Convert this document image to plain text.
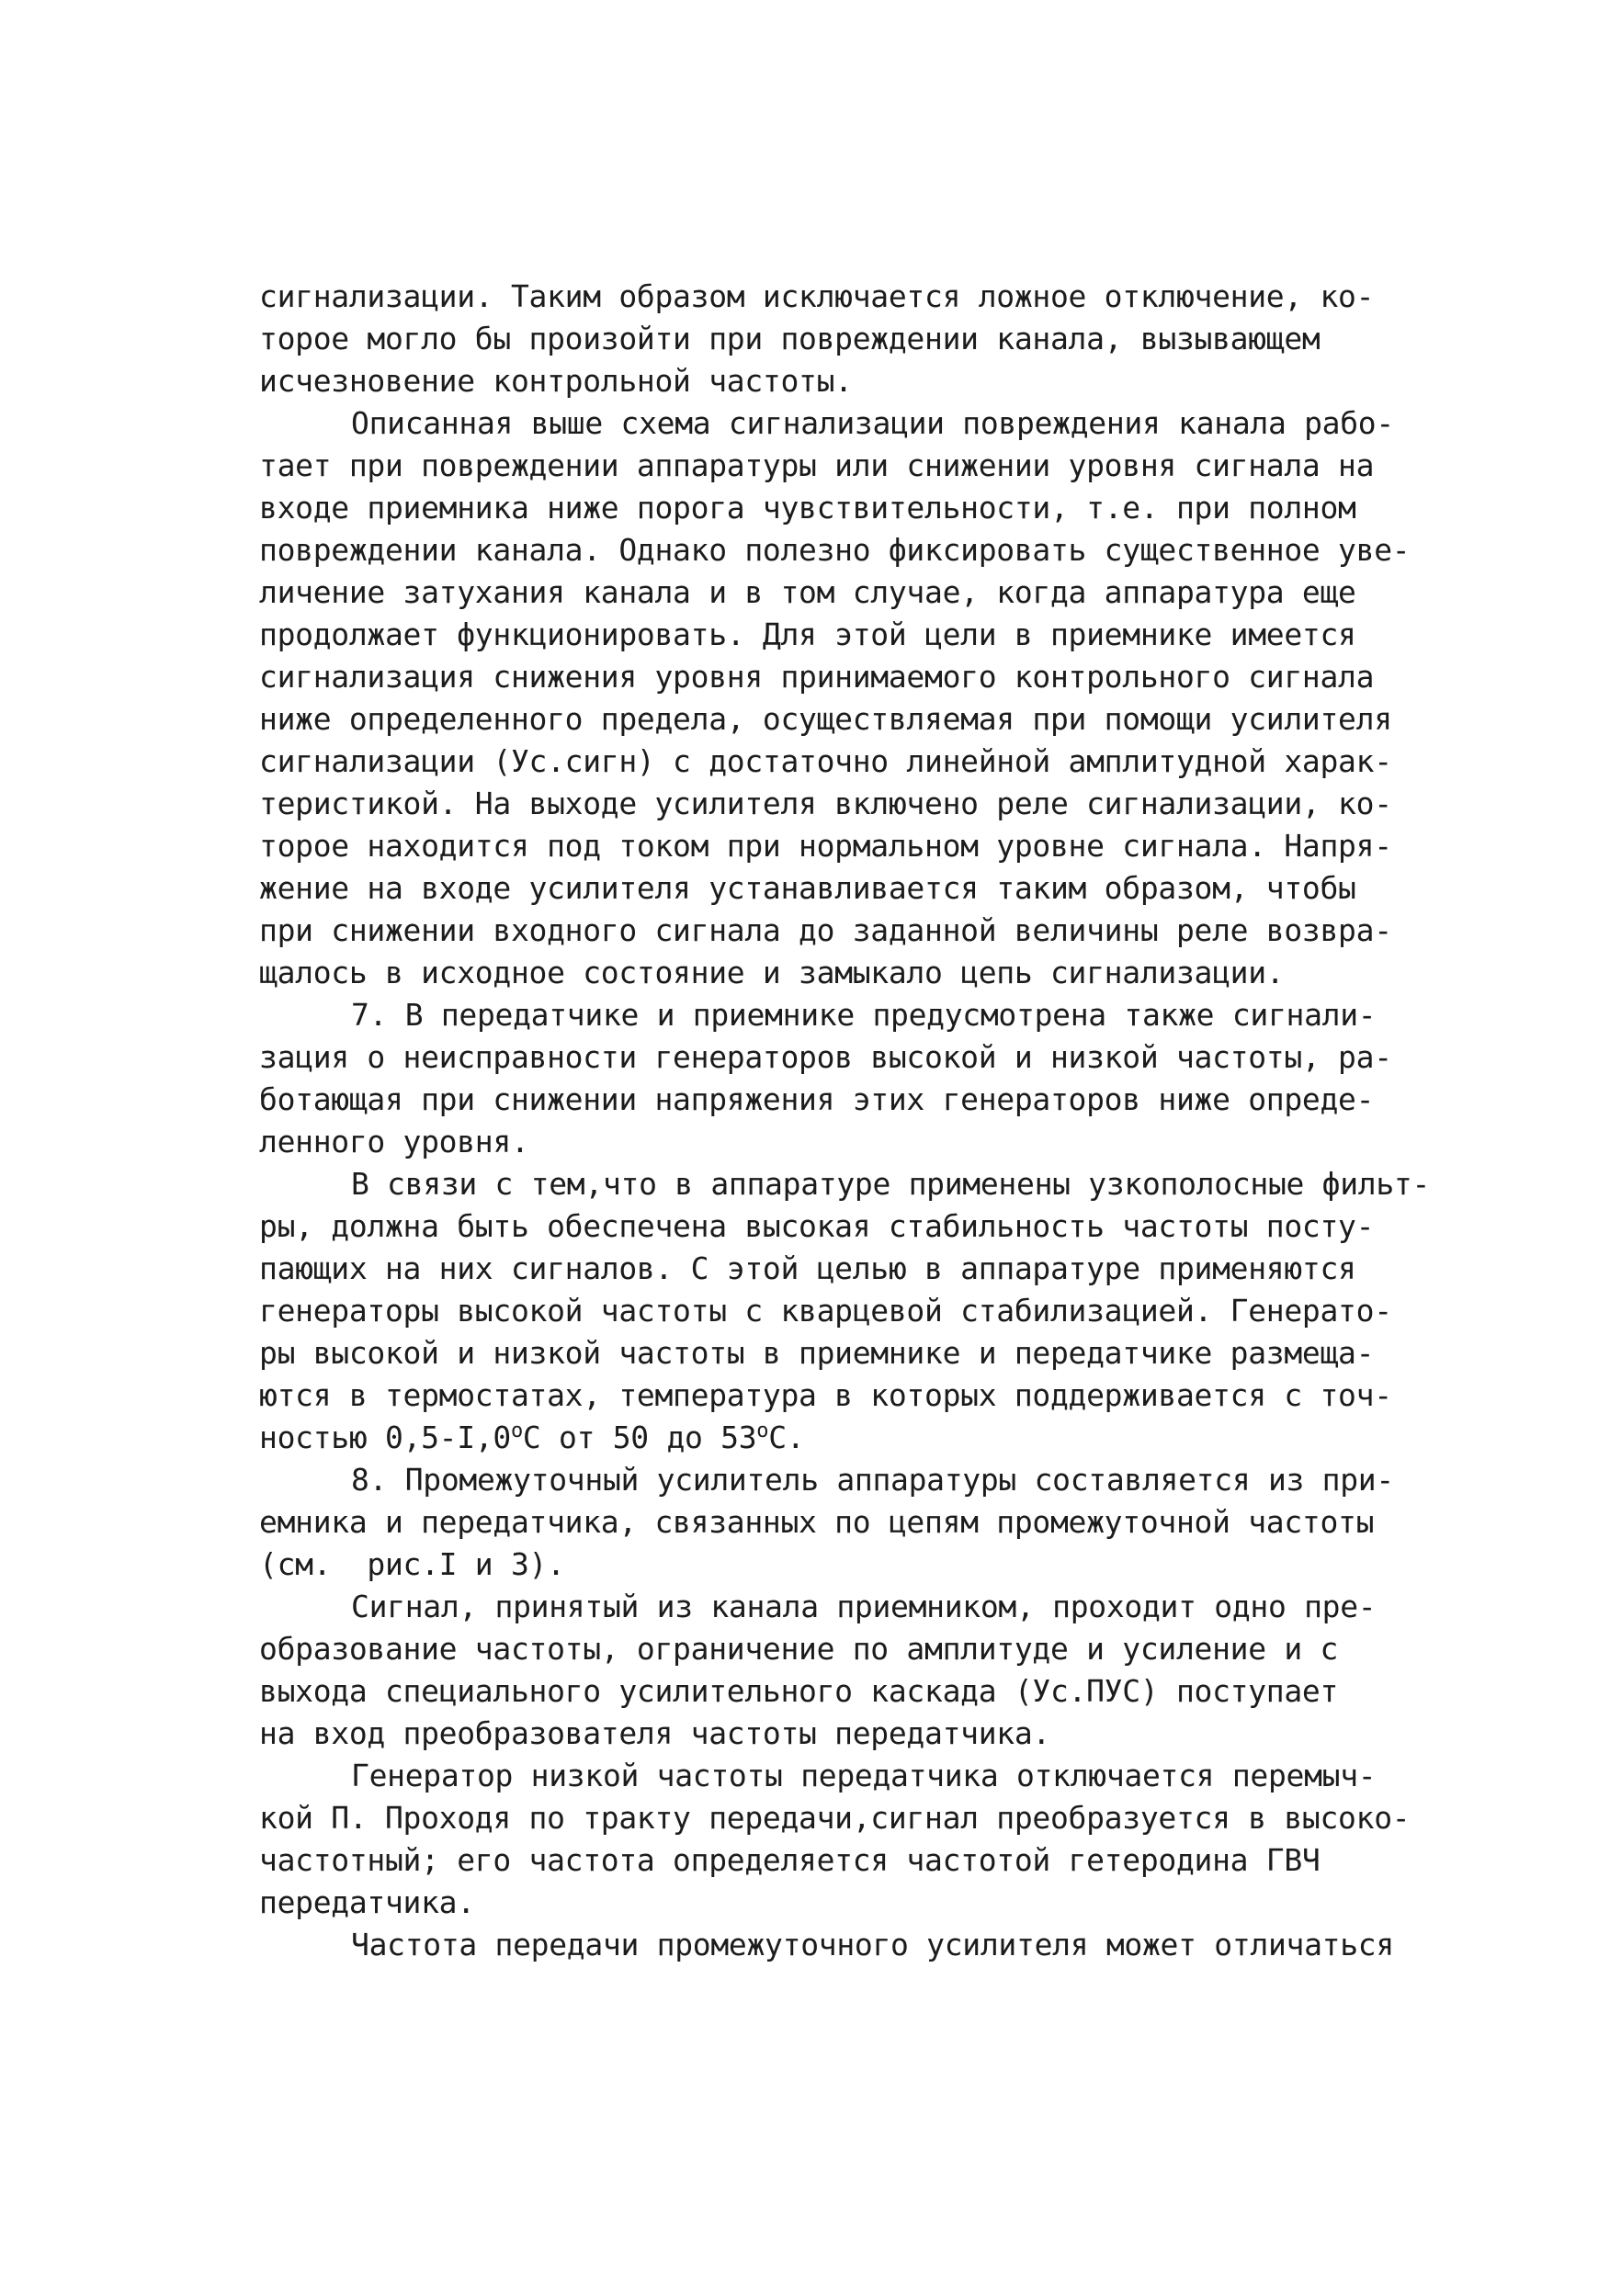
сигнализации. Таким образом исключается ложное отключение, ко-
торое могло бы произойти при повреждении канала, вызывающем
исчезновение контрольной частоты.
Описанная выше схема сигнализации повреждения канала рабо-
тает при повреждении аппаратуры или снижении уровня сигнала на
входе приемника ниже порога чувствительности, т.е. при полном
повреждении канала. Однако полезно фиксировать существенное уве-
личение затухания канала и в том случае, когда аппаратура еще
продолжает функционировать. Для этой цели в приемнике имеется
сигнализация снижения уровня принимаемого контрольного сигнала
ниже определенного предела, осуществляемая при помощи усилителя
сигнализации (Ус.сигн) с достаточно линейной амплитудной харак-
теристикой. На выходе усилителя включено реле сигнализации, ко-
торое находится под током при нормальном уровне сигнала. Напря-
жение на входе усилителя устанавливается таким образом, чтобы
при снижении входного сигнала до заданной величины реле возвра-
щалось в исходное состояние и замыкало цепь сигнализации.
7. В передатчике и приемнике предусмотрена также сигнали-
зация о неисправности генераторов высокой и низкой частоты, ра-
ботающая при снижении напряжения этих генераторов ниже опреде-
ленного уровня.
В связи с тем,что в аппаратуре применены узкополосные фильт-
ры, должна быть обеспечена высокая стабильность частоты посту-
пающих на них сигналов. С этой целью в аппаратуре применяются
генераторы высокой частоты с кварцевой стабилизацией. Генерато-
ры высокой и низкой частоты в приемнике и передатчике размеща-
ются в термостатах, температура в которых поддерживается с точ-
ностью 0,5-I,0$^o$С от 50 до 53$^o$С.
8. Промежуточный усилитель аппаратуры составляется из при-
емника и передатчика, связанных по цепям промежуточной частоты
(см.  рис.I и 3).
Сигнал, принятый из канала приемником, проходит одно пре-
образование частоты, ограничение по амплитуде и усиление и с
выхода специального усилительного каскада (Ус.ПУС) поступает
на вход преобразователя частоты передатчика.
Генератор низкой частоты передатчика отключается перемыч-
кой П. Проходя по тракту передачи,сигнал преобразуется в высоко-
частотный; его частота определяется частотой гетеродина ГВЧ
передатчика.
Частота передачи промежуточного усилителя может отличаться
